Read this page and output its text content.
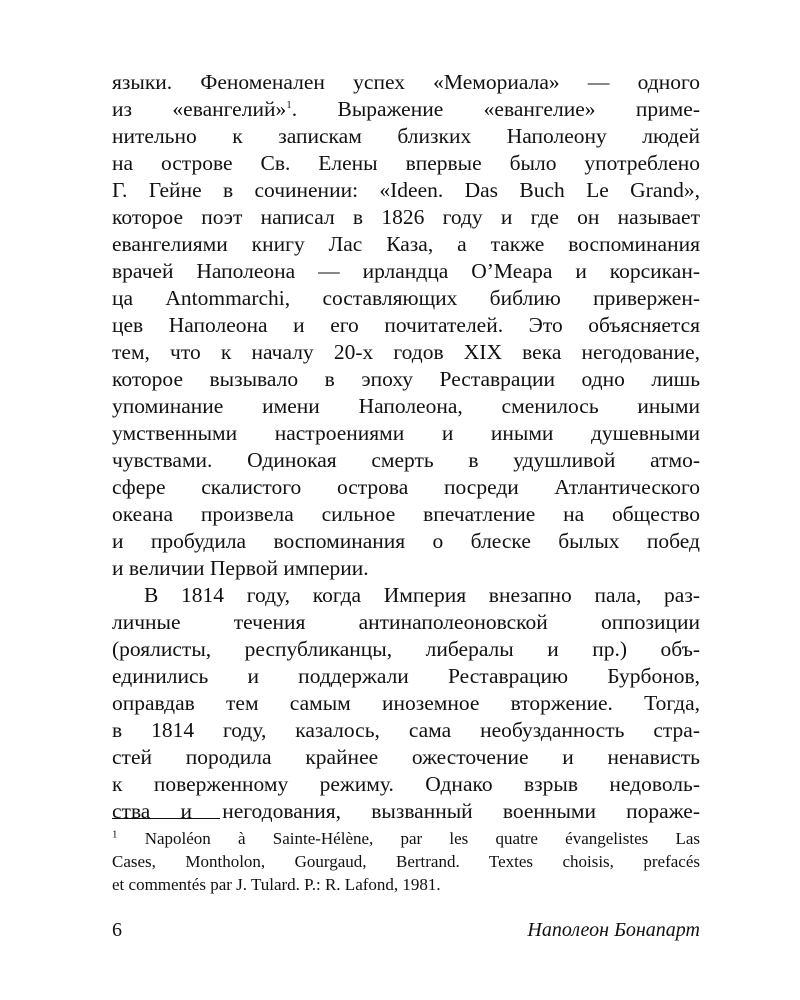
языки. Феноменален успех «Мемориала» — одного
из «евангелий»$^1$. Выражение «евангелие» приме-
нительно к запискам близких Наполеону людей
на острове Св. Елены впервые было употреблено
Г. Гейне в сочинении: «Ideen. Das Buch Le Grand»,
которое поэт написал в 1826 году и где он называет
евангелиями книгу Лас Каза, а также воспоминания
врачей Наполеона — ирландца О’Меара и корсикан-
ца Antommarchi, составляющих библию привержен-
цев Наполеона и его почитателей. Это объясняется
тем, что к началу 20-х годов XIX века негодование,
которое вызывало в эпоху Реставрации одно лишь
упоминание имени Наполеона, сменилось иными
умственными настроениями и иными душевными
чувствами. Одинокая смерть в удушливой атмо-
сфере скалистого острова посреди Атлантического
океана произвела сильное впечатление на общество
и пробудила воспоминания о блеске былых побед
и величии Первой империи.
В 1814 году, когда Империя внезапно пала, раз-
личные течения антинаполеоновской оппозиции
(роялисты, республиканцы, либералы и пр.) объ-
единились и поддержали Реставрацию Бурбонов,
оправдав тем самым иноземное вторжение. Тогда,
в 1814 году, казалось, сама необузданность стра-
стей породила крайнее ожесточение и ненависть
к поверженному режиму. Однако взрыв недоволь-
ства и негодования, вызванный военными пораже-
$^1$ Napoléon à Sainte-Hélène, par les quatre évangelistes Las
Cases, Montholon, Gourgaud, Bertrand. Textes choisis, prefacés
et commentés par J. Tulard. P.: R. Lafond, 1981.
6	Наполеон Бонапарт
